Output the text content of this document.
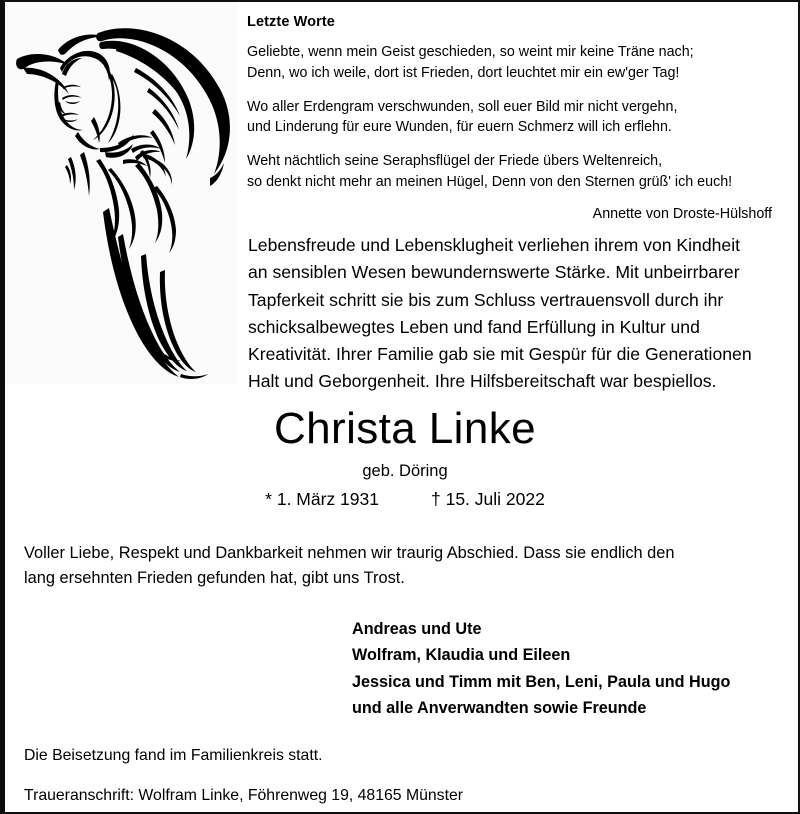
Letzte Worte
Geliebte, wenn mein Geist geschieden, so weint mir keine Träne nach;
Denn, wo ich weile, dort ist Frieden, dort leuchtet mir ein ew'ger Tag!
Wo aller Erdengram verschwunden, soll euer Bild mir nicht vergehn,
und Linderung für eure Wunden, für euern Schmerz will ich erflehn.
Weht nächtlich seine Seraphsflügel der Friede übers Weltenreich,
so denkt nicht mehr an meinen Hügel, Denn von den Sternen grüß' ich euch!
Annette von Droste-Hülshoff
Lebensfreude und Lebensklugheit verliehen ihrem von Kindheit
an sensiblen Wesen bewundernswerte Stärke. Mit unbeirrbarer
Tapferkeit schritt sie bis zum Schluss vertrauensvoll durch ihr
schicksalbewegtes Leben und fand Erfüllung in Kultur und
Kreativität. Ihrer Familie gab sie mit Gespür für die Generationen
Halt und Geborgenheit. Ihre Hilfsbereitschaft war bespiellos.
Christa Linke
geb. Döring
* 1. März 1931	† 15. Juli 2022
Voller Liebe, Respekt und Dankbarkeit nehmen wir traurig Abschied. Dass sie endlich den
lang ersehnten Frieden gefunden hat, gibt uns Trost.
Andreas und Ute
Wolfram, Klaudia und Eileen
Jessica und Timm mit Ben, Leni, Paula und Hugo
und alle Anverwandten sowie Freunde
Die Beisetzung fand im Familienkreis statt.
Traueranschrift: Wolfram Linke, Föhrenweg 19, 48165 Münster
